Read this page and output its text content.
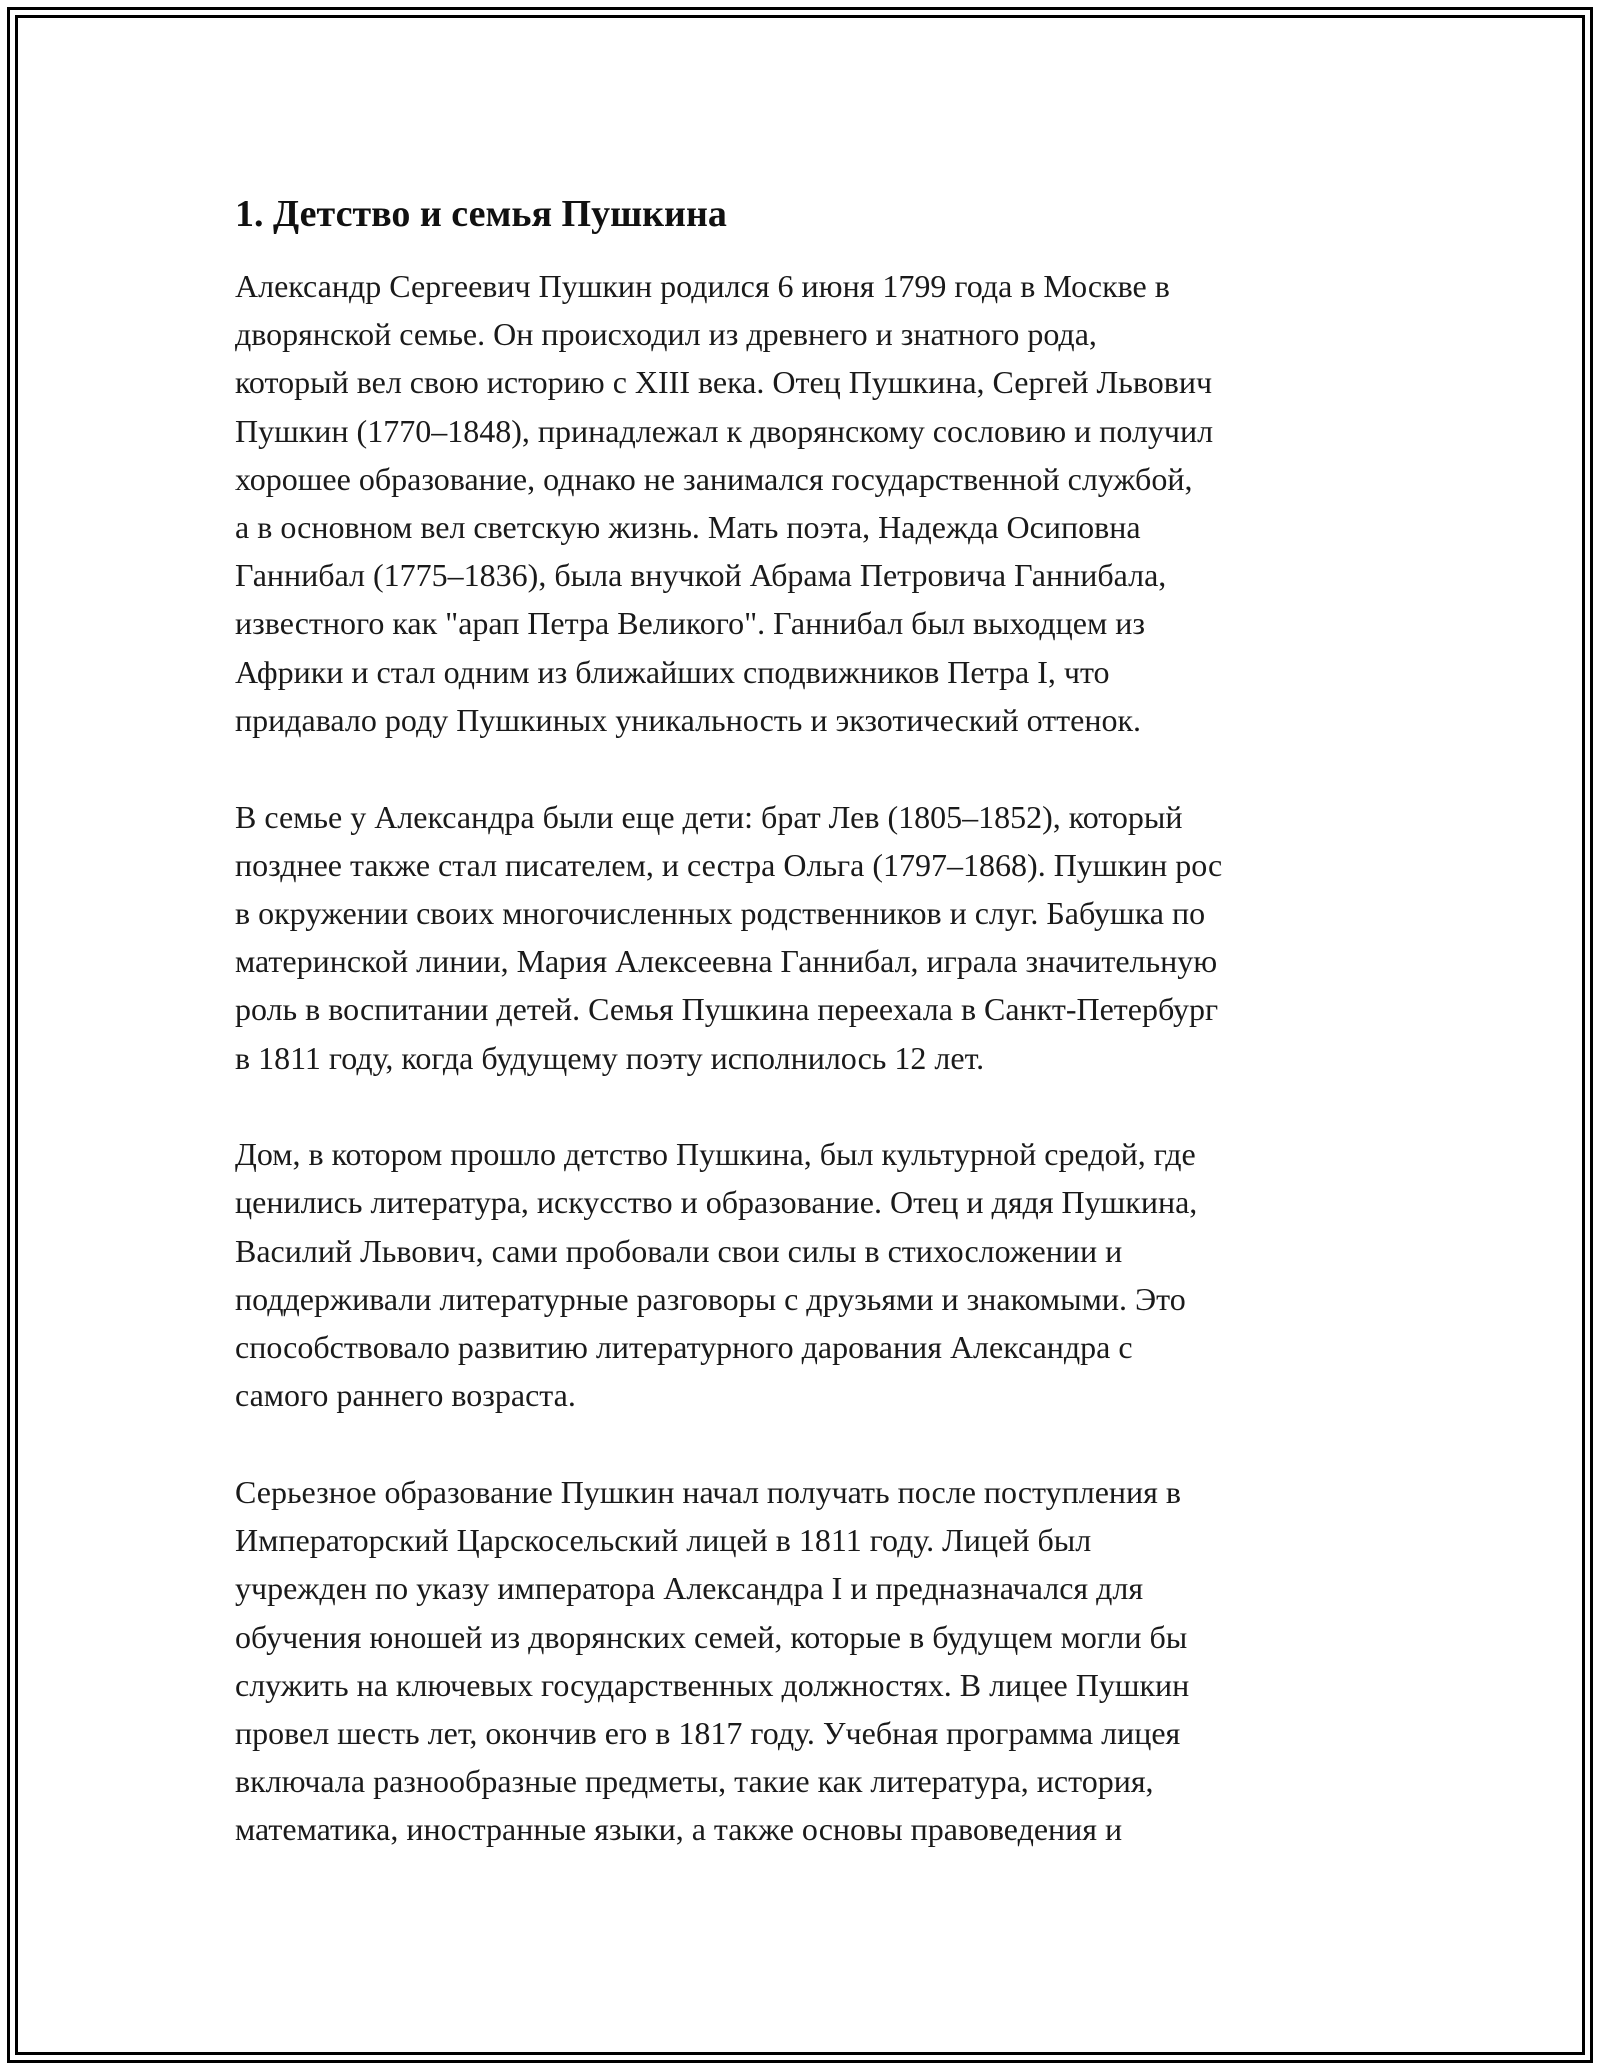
1. Детство и семья Пушкина

Александр Сергеевич Пушкин родился 6 июня 1799 года в Москве в
дворянской семье. Он происходил из древнего и знатного рода,
который вел свою историю с XIII века. Отец Пушкина, Сергей Львович
Пушкин (1770–1848), принадлежал к дворянскому сословию и получил
хорошее образование, однако не занимался государственной службой,
а в основном вел светскую жизнь. Мать поэта, Надежда Осиповна
Ганнибал (1775–1836), была внучкой Абрама Петровича Ганнибала,
известного как "арап Петра Великого". Ганнибал был выходцем из
Африки и стал одним из ближайших сподвижников Петра I, что
придавало роду Пушкиных уникальность и экзотический оттенок.

В семье у Александра были еще дети: брат Лев (1805–1852), который
позднее также стал писателем, и сестра Ольга (1797–1868). Пушкин рос
в окружении своих многочисленных родственников и слуг. Бабушка по
материнской линии, Мария Алексеевна Ганнибал, играла значительную
роль в воспитании детей. Семья Пушкина переехала в Санкт-Петербург
в 1811 году, когда будущему поэту исполнилось 12 лет.

Дом, в котором прошло детство Пушкина, был культурной средой, где
ценились литература, искусство и образование. Отец и дядя Пушкина,
Василий Львович, сами пробовали свои силы в стихосложении и
поддерживали литературные разговоры с друзьями и знакомыми. Это
способствовало развитию литературного дарования Александра с
самого раннего возраста.

Серьезное образование Пушкин начал получать после поступления в
Императорский Царскосельский лицей в 1811 году. Лицей был
учрежден по указу императора Александра I и предназначался для
обучения юношей из дворянских семей, которые в будущем могли бы
служить на ключевых государственных должностях. В лицее Пушкин
провел шесть лет, окончив его в 1817 году. Учебная программа лицея
включала разнообразные предметы, такие как литература, история,
математика, иностранные языки, а также основы правоведения и
